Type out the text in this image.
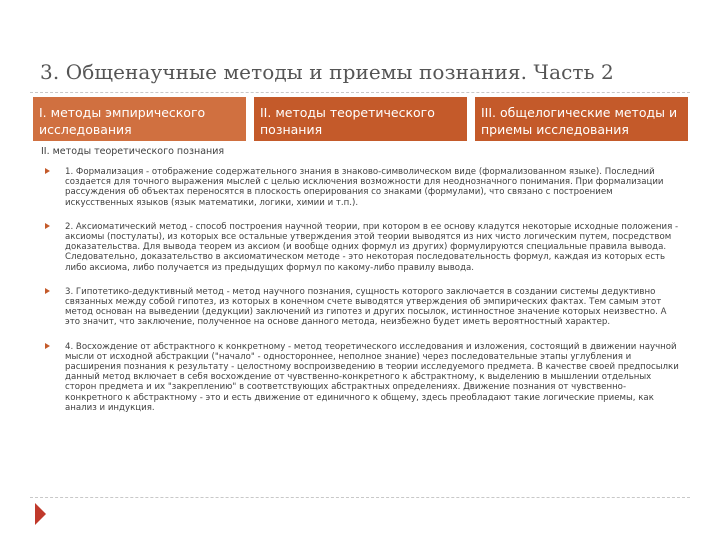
3. Общенаучные методы и приемы познания. Часть 2
I. методы эмпирического исследования
II. методы теоретического познания
III. общелогические методы и приемы исследования
II. методы теоретического познания
1. Формализация - отображение содержательного знания в знаково-символическом виде (формализованном языке). Последний создается для точного выражения мыслей с целью исключения возможности для неоднозначного понимания. При формализации рассуждения об объектах переносятся в плоскость оперирования со знаками (формулами), что связано с построением искусственных языков (язык математики, логики, химии и т.п.).
2. Аксиоматический метод - способ построения научной теории, при котором в ее основу кладутся некоторые исходные положения - аксиомы (постулаты), из которых все остальные утверждения этой теории выводятся из них чисто логическим путем, посредством доказательства. Для вывода теорем из аксиом (и вообще одних формул из других) формулируются специальные правила вывода. Следовательно, доказательство в аксиоматическом методе - это некоторая последовательность формул, каждая из которых есть либо аксиома, либо получается из предыдущих формул по какому-либо правилу вывода.
3. Гипотетико-дедуктивный метод - метод научного познания, сущность которого заключается в создании системы дедуктивно связанных между собой гипотез, из которых в конечном счете выводятся утверждения об эмпирических фактах. Тем самым этот метод основан на выведении (дедукции) заключений из гипотез и других посылок, истинностное значение которых неизвестно. А это значит, что заключение, полученное на основе данного метода, неизбежно будет иметь вероятностный характер.
4. Восхождение от абстрактного к конкретному - метод теоретического исследования и изложения, состоящий в движении научной мысли от исходной абстракции ("начало" - одностороннее, неполное знание) через последовательные этапы углубления и расширения познания к результату - целостному воспроизведению в теории исследуемого предмета. В качестве своей предпосылки данный метод включает в себя восхождение от чувственно-конкретного к абстрактному, к выделению в мышлении отдельных сторон предмета и их "закреплению" в соответствующих абстрактных определениях. Движение познания от чувственно-конкретного к абстрактному - это и есть движение от единичного к общему, здесь преобладают такие логические приемы, как анализ и индукция.
